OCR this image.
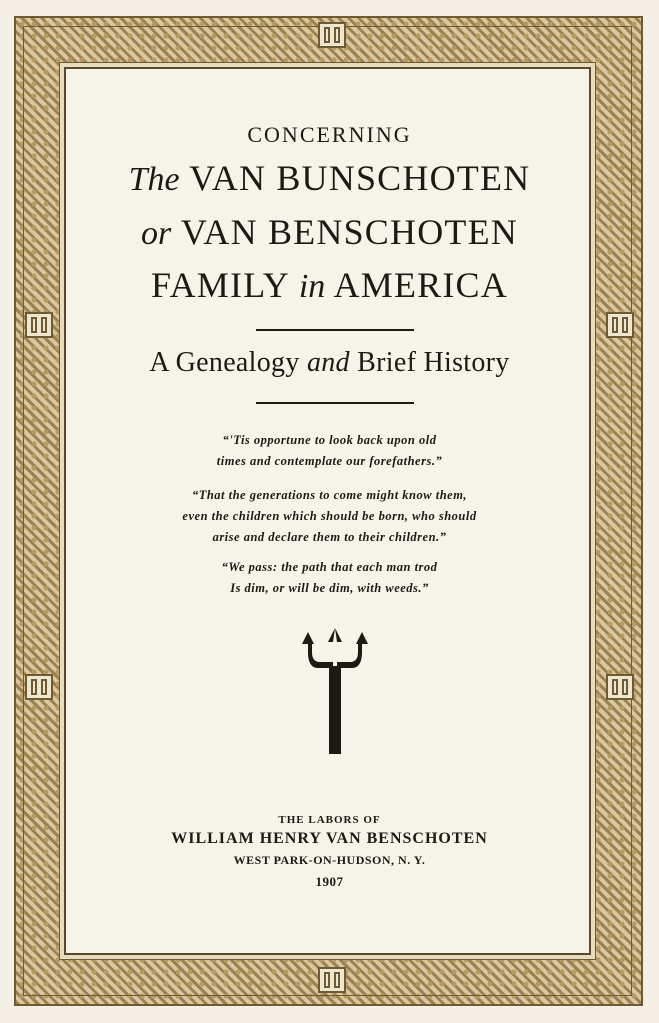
CONCERNING
The VAN BUNSCHOTEN
or VAN BENSCHOTEN
FAMILY in AMERICA
A Genealogy and Brief History
“'Tis opportune to look back upon old
times and contemplate our forefathers.”
“That the generations to come might know them,
even the children which should be born, who should
arise and declare them to their children.”
“We pass: the path that each man trod
Is dim, or will be dim, with weeds.”
THE LABORS OF
WILLIAM HENRY VAN BENSCHOTEN
WEST PARK-ON-HUDSON, N. Y.
1907
